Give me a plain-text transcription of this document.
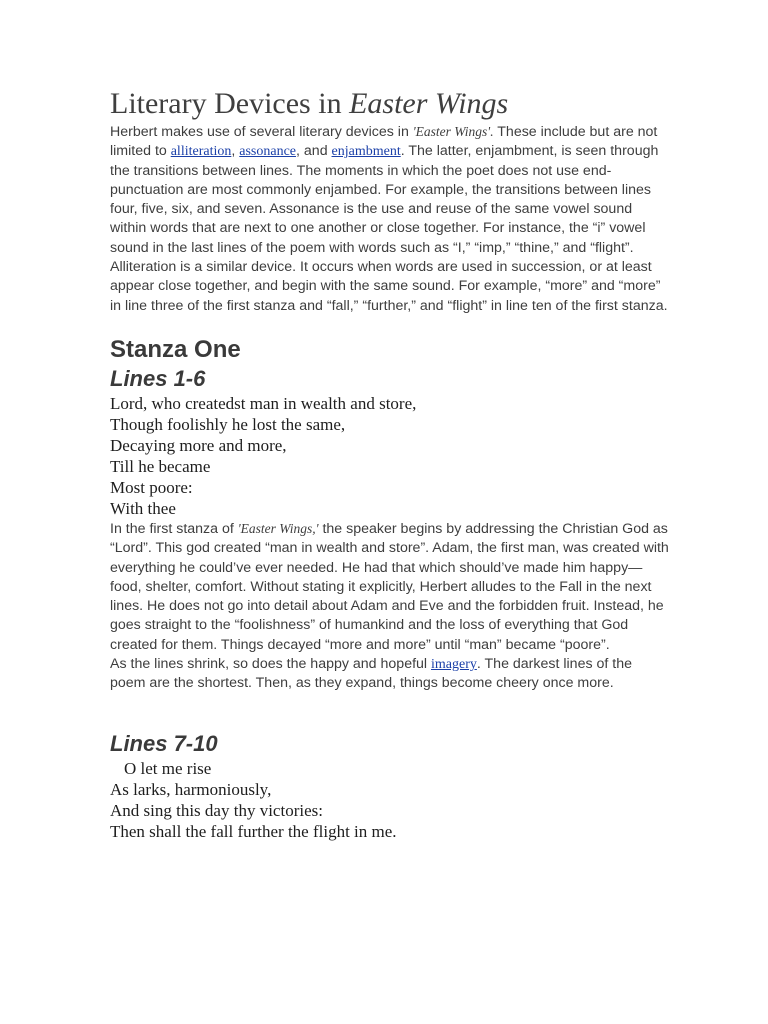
Literary Devices in Easter Wings

Herbert makes use of several literary devices in 'Easter Wings'. These include but are not limited to alliteration, assonance, and enjambment. The latter, enjambment, is seen through the transitions between lines. The moments in which the poet does not use end-punctuation are most commonly enjambed. For example, the transitions between lines four, five, six, and seven. Assonance is the use and reuse of the same vowel sound within words that are next to one another or close together. For instance, the “i” vowel sound in the last lines of the poem with words such as “I,” “imp,” “thine,” and “flight”. Alliteration is a similar device. It occurs when words are used in succession, or at least appear close together, and begin with the same sound. For example, “more” and “more” in line three of the first stanza and “fall,” “further,” and “flight” in line ten of the first stanza.

Stanza One
Lines 1-6
Lord, who createdst man in wealth and store,
Though foolishly he lost the same,
Decaying more and more,
Till he became
Most poore:
With thee

In the first stanza of 'Easter Wings,' the speaker begins by addressing the Christian God as “Lord”. This god created “man in wealth and store”. Adam, the first man, was created with everything he could’ve ever needed. He had that which should’ve made him happy—food, shelter, comfort. Without stating it explicitly, Herbert alludes to the Fall in the next lines. He does not go into detail about Adam and Eve and the forbidden fruit. Instead, he goes straight to the “foolishness” of humankind and the loss of everything that God created for them. Things decayed “more and more” until “man” became “poore”.

As the lines shrink, so does the happy and hopeful imagery. The darkest lines of the poem are the shortest. Then, as they expand, things become cheery once more.

Lines 7-10
O let me rise
As larks, harmoniously,
And sing this day thy victories:
Then shall the fall further the flight in me.
